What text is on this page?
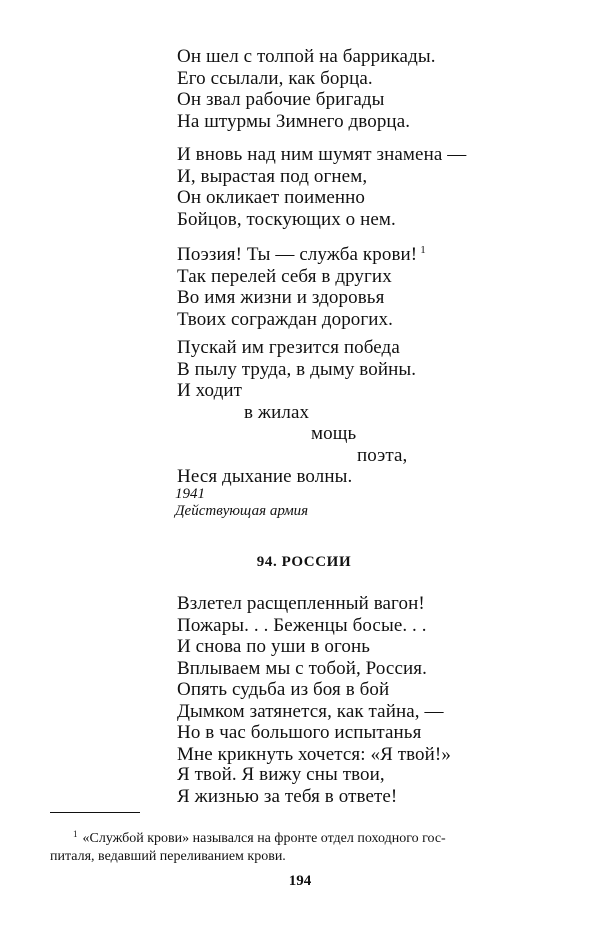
Он шел с толпой на баррикады.
Его ссылали, как борца.
Он звал рабочие бригады
На штурмы Зимнего дворца.
И вновь над ним шумят знамена —
И, вырастая под огнем,
Он окликает поименно
Бойцов, тоскующих о нем.
Поэзия! Ты — служба крови! $^1$
Так перелей себя в других
Во имя жизни и здоровья
Твоих сограждан дорогих.
Пускай им грезится победа
В пылу труда, в дыму войны.
И ходит
в жилах
мощь
поэта,
Неся дыхание волны.
1941
Действующая армия
94. РОССИИ
Взлетел расщепленный вагон!
Пожары. . . Беженцы босые. . .
И снова по уши в огонь
Вплываем мы с тобой, Россия.
Опять судьба из боя в бой
Дымком затянется, как тайна, —
Но в час большого испытанья
Мне крикнуть хочется: «Я твой!»
Я твой. Я вижу сны твои,
Я жизнью за тебя в ответе!
$^1$ «Службой крови» назывался на фронте отдел походного гос-
питаля, ведавший переливанием крови.
194
